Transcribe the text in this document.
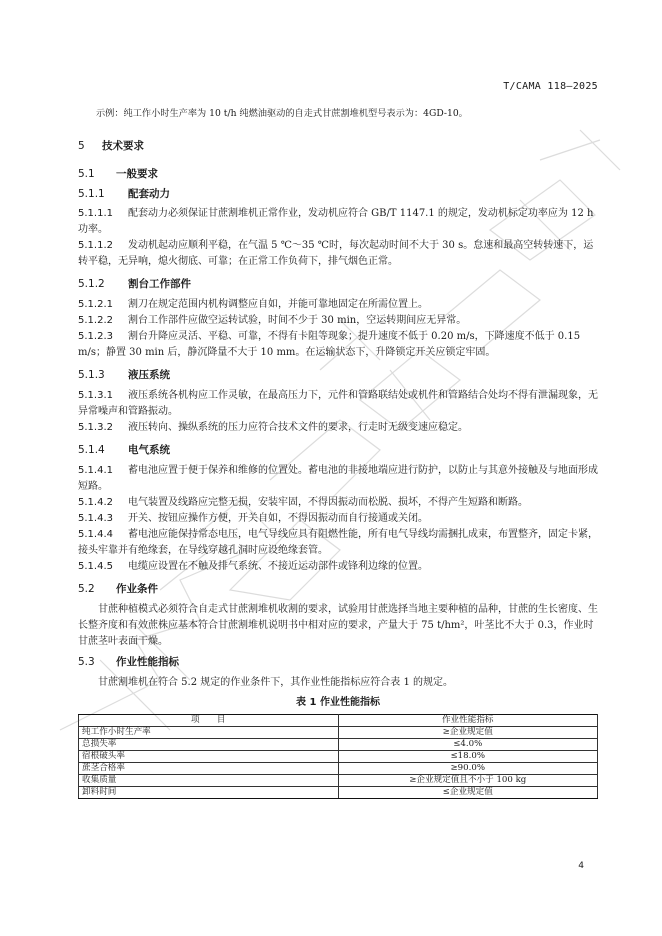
T/CAMA 118—2025

示例：纯工作小时生产率为 10 t/h 纯燃油驱动的自走式甘蔗割堆机型号表示为：4GD-10。

5 技术要求

5.1 一般要求

5.1.1 配套动力

5.1.1.1 配套动力必须保证甘蔗割堆机正常作业，发动机应符合 GB/T 1147.1 的规定，发动机标定功率应为 12 h 功率。

5.1.1.2 发动机起动应顺利平稳，在气温 5 ℃～35 ℃时，每次起动时间不大于 30 s。怠速和最高空转转速下，运转平稳，无异响，熄火彻底、可靠；在正常工作负荷下，排气烟色正常。

5.1.2 割台工作部件

5.1.2.1 割刀在规定范围内机构调整应自如，并能可靠地固定在所需位置上。

5.1.2.2 割台工作部件应做空运转试验，时间不少于 30 min，空运转期间应无异常。

5.1.2.3 割台升降应灵活、平稳、可靠，不得有卡阻等现象；提升速度不低于 0.20 m/s，下降速度不低于 0.15 m/s；静置 30 min 后，静沉降量不大于 10 mm。在运输状态下，升降锁定开关应锁定牢固。

5.1.3 液压系统

5.1.3.1 液压系统各机构应工作灵敏，在最高压力下，元件和管路联结处或机件和管路结合处均不得有泄漏现象，无异常噪声和管路振动。

5.1.3.2 液压转向、操纵系统的压力应符合技术文件的要求，行走时无级变速应稳定。

5.1.4 电气系统

5.1.4.1 蓄电池应置于便于保养和维修的位置处。蓄电池的非接地端应进行防护，以防止与其意外接触及与地面形成短路。

5.1.4.2 电气装置及线路应完整无损，安装牢固，不得因振动而松脱、损坏，不得产生短路和断路。

5.1.4.3 开关、按钮应操作方便，开关自如，不得因振动而自行接通或关闭。

5.1.4.4 蓄电池应能保持常态电压，电气导线应具有阻燃性能，所有电气导线均需捆扎成束，布置整齐，固定卡紧，接头牢靠并有绝缘套，在导线穿越孔洞时应设绝缘套管。

5.1.4.5 电缆应设置在不触及排气系统、不接近运动部件或锋利边缘的位置。

5.2 作业条件

甘蔗种植模式必须符合自走式甘蔗割堆机收割的要求，试验用甘蔗选择当地主要种植的品种，甘蔗的生长密度、生长整齐度和有效蔗株应基本符合甘蔗割堆机说明书中相对应的要求，产量大于 75 t/hm²，叶茎比不大于 0.3，作业时甘蔗茎叶表面干燥。

5.3 作业性能指标

甘蔗割堆机在符合 5.2 规定的作业条件下，其作业性能指标应符合表 1 的规定。

表 1 作业性能指标

项　　目	作业性能指标
纯工作小时生产率	≥企业规定值
总损失率	≤4.0%
宿根破头率	≤18.0%
蔗茎合格率	≥90.0%
收集质量	≥企业规定值且不小于 100 kg
卸料时间	≤企业规定值
4
